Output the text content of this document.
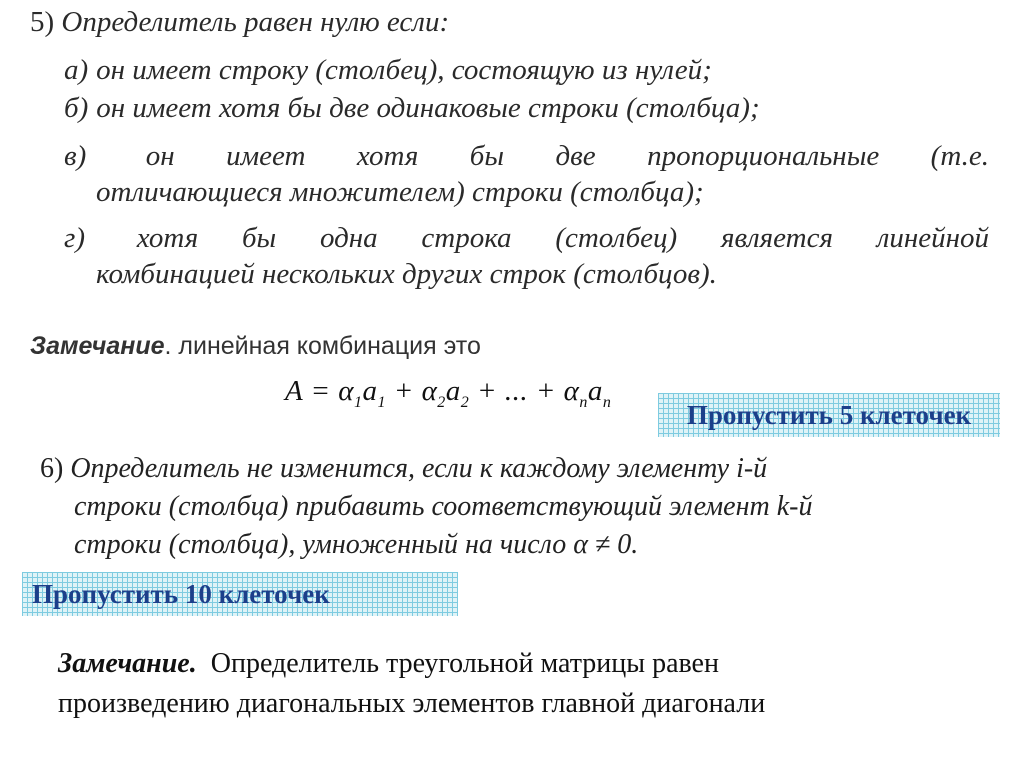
5) Определитель равен нулю если:
а) он имеет строку (столбец), состоящую из нулей;
б) он имеет хотя бы две одинаковые строки (столбца);
в) он имеет хотя бы две пропорциональные (т.е.
отличающиеся множителем) строки (столбца);
г) хотя бы одна строка (столбец) является линейной
комбинацией нескольких других строк (столбцов).
Замечание. линейная комбинация это
$A = \alpha_1a_1 + \alpha_2a_2$ + ... + $\alpha_na_n$	Пропустить 5 клеточек
6) Определитель не изменится, если к каждому элементу i-й
строки (столбца) прибавить соответствующий элемент k-й
строки (столбца), умноженный на число α ≠ 0.
Пропустить 10 клеточек
Замечание. Определитель треугольной матрицы равен
произведению диагональных элементов главной диагонали
